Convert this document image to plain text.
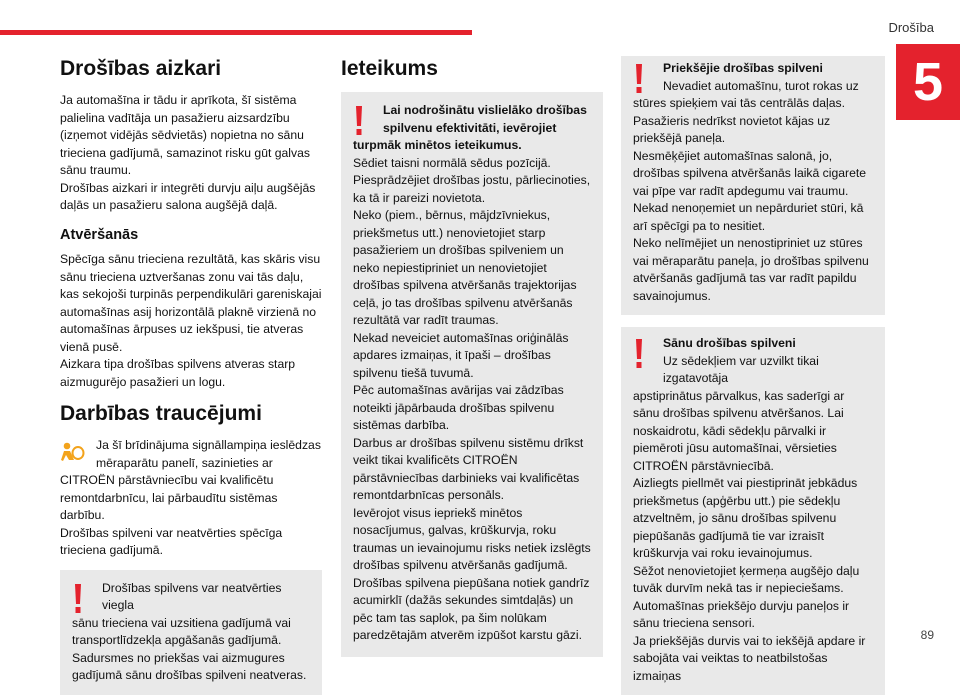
Drošība
5
89
Drošības aizkari

Ja automašīna ir tādu ir aprīkota, šī sistēma palielina vadītāja un pasažieru aizsardzību (izņemot vidējās sēdvietās) nopietna no sānu trieciena gadījumā, samazinot risku gūt galvas sānu traumu.

Drošības aizkari ir integrēti durvju aiļu augšējās daļās un pasažieru salona augšējā daļā.

Atvēršanās

Spēcīga sānu trieciena rezultātā, kas skāris visu sānu trieciena uztveršanas zonu vai tās daļu, kas sekojoši turpinās perpendikulāri gareniskajai automašīnas asij horizontālā plaknē virzienā no automašīnas ārpuses uz iekšpusi, tie atveras vienā pusē.

Aizkara tipa drošības spilvens atveras starp aizmugurējo pasažieri un logu.

Darbības traucējumi

Ja šī brīdinājuma signāllampiņa ieslēdzas mēraparātu panelī, sazinieties ar

CITROËN pārstāvniecību vai kvalificētu remontdarbnīcu, lai pārbaudītu sistēmas darbību.

Drošības spilveni var neatvērties spēcīga trieciena gadījumā.

Drošības spilvens var neatvērties viegla

sānu trieciena vai uzsitiena gadījumā vai transportlīdzekļa apgāšanās gadījumā. Sadursmes no priekšas vai aizmugures gadījumā sānu drošības spilveni neatveras.

Ieteikums

Lai nodrošinātu vislielāko drošības spilvenu efektivitāti, ievērojiet

turpmāk minētos ieteikumus.

Sēdiet taisni normālā sēdus pozīcijā.

Piesprādzējiet drošības jostu, pārliecinoties, ka tā ir pareizi novietota.

Neko (piem., bērnus, mājdzīvniekus, priekšmetus utt.) nenovietojiet starp pasažieriem un drošības spilveniem un neko nepiestipriniet un nenovietojiet drošības spilvena atvēršanās trajektorijas ceļā, jo tas drošības spilvenu atvēršanās rezultātā var radīt traumas.

Nekad neveiciet automašīnas oriģinālās apdares izmaiņas, it īpaši – drošības spilvenu tiešā tuvumā.

Pēc automašīnas avārijas vai zādzības noteikti jāpārbauda drošības spilvenu sistēmas darbība.

Darbus ar drošības spilvenu sistēmu drīkst veikt tikai kvalificēts CITROËN pārstāvniecības darbinieks vai kvalificētas remontdarbnīcas personāls.

Ievērojot visus iepriekš minētos nosacījumus, galvas, krūškurvja, roku traumas un ievainojumu risks netiek izslēgts drošības spilvenu atvēršanās gadījumā. Drošības spilvena piepūšana notiek gandrīz acumirklī (dažās sekundes simtdaļās) un pēc tam tas saplok, pa šim nolūkam paredzētajām atverēm izpūšot karstu gāzi.

Priekšējie drošības spilveni

Nevadiet automašīnu, turot rokas uz

stūres spieķiem vai tās centrālās daļas.

Pasažieris nedrīkst novietot kājas uz priekšējā paneļa.

Nesmēķējiet automašīnas salonā, jo, drošības spilvena atvēršanās laikā cigarete vai pīpe var radīt apdegumu vai traumu.

Nekad nenoņemiet un nepārduriet stūri, kā arī spēcīgi pa to nesitiet.

Neko nelīmējiet un nenostipriniet uz stūres vai mēraparātu paneļa, jo drošības spilvenu atvēršanās gadījumā tas var radīt papildu savainojumus.

Sānu drošības spilveni

Uz sēdekļiem var uzvilkt tikai izgatavotāja

apstiprinātus pārvalkus, kas saderīgi ar sānu drošības spilvenu atvēršanos. Lai noskaidrotu, kādi sēdekļu pārvalki ir piemēroti jūsu automašīnai, vērsieties CITROËN pārstāvniecībā.

Aizliegts piellmēt vai piestiprināt jebkādus priekšmetus (apģērbu utt.) pie sēdekļu atzveltnēm, jo sānu drošības spilvenu piepūšanās gadījumā tie var izraisīt krūškurvja vai roku ievainojumus.

Sēžot nenovietojiet ķermeņa augšējo daļu tuvāk durvīm nekā tas ir nepieciešams.

Automašīnas priekšējo durvju paneļos ir sānu trieciena sensori.

Ja priekšējās durvis vai to iekšējā apdare ir sabojāta vai veiktas to neatbilstošas izmaiņas
